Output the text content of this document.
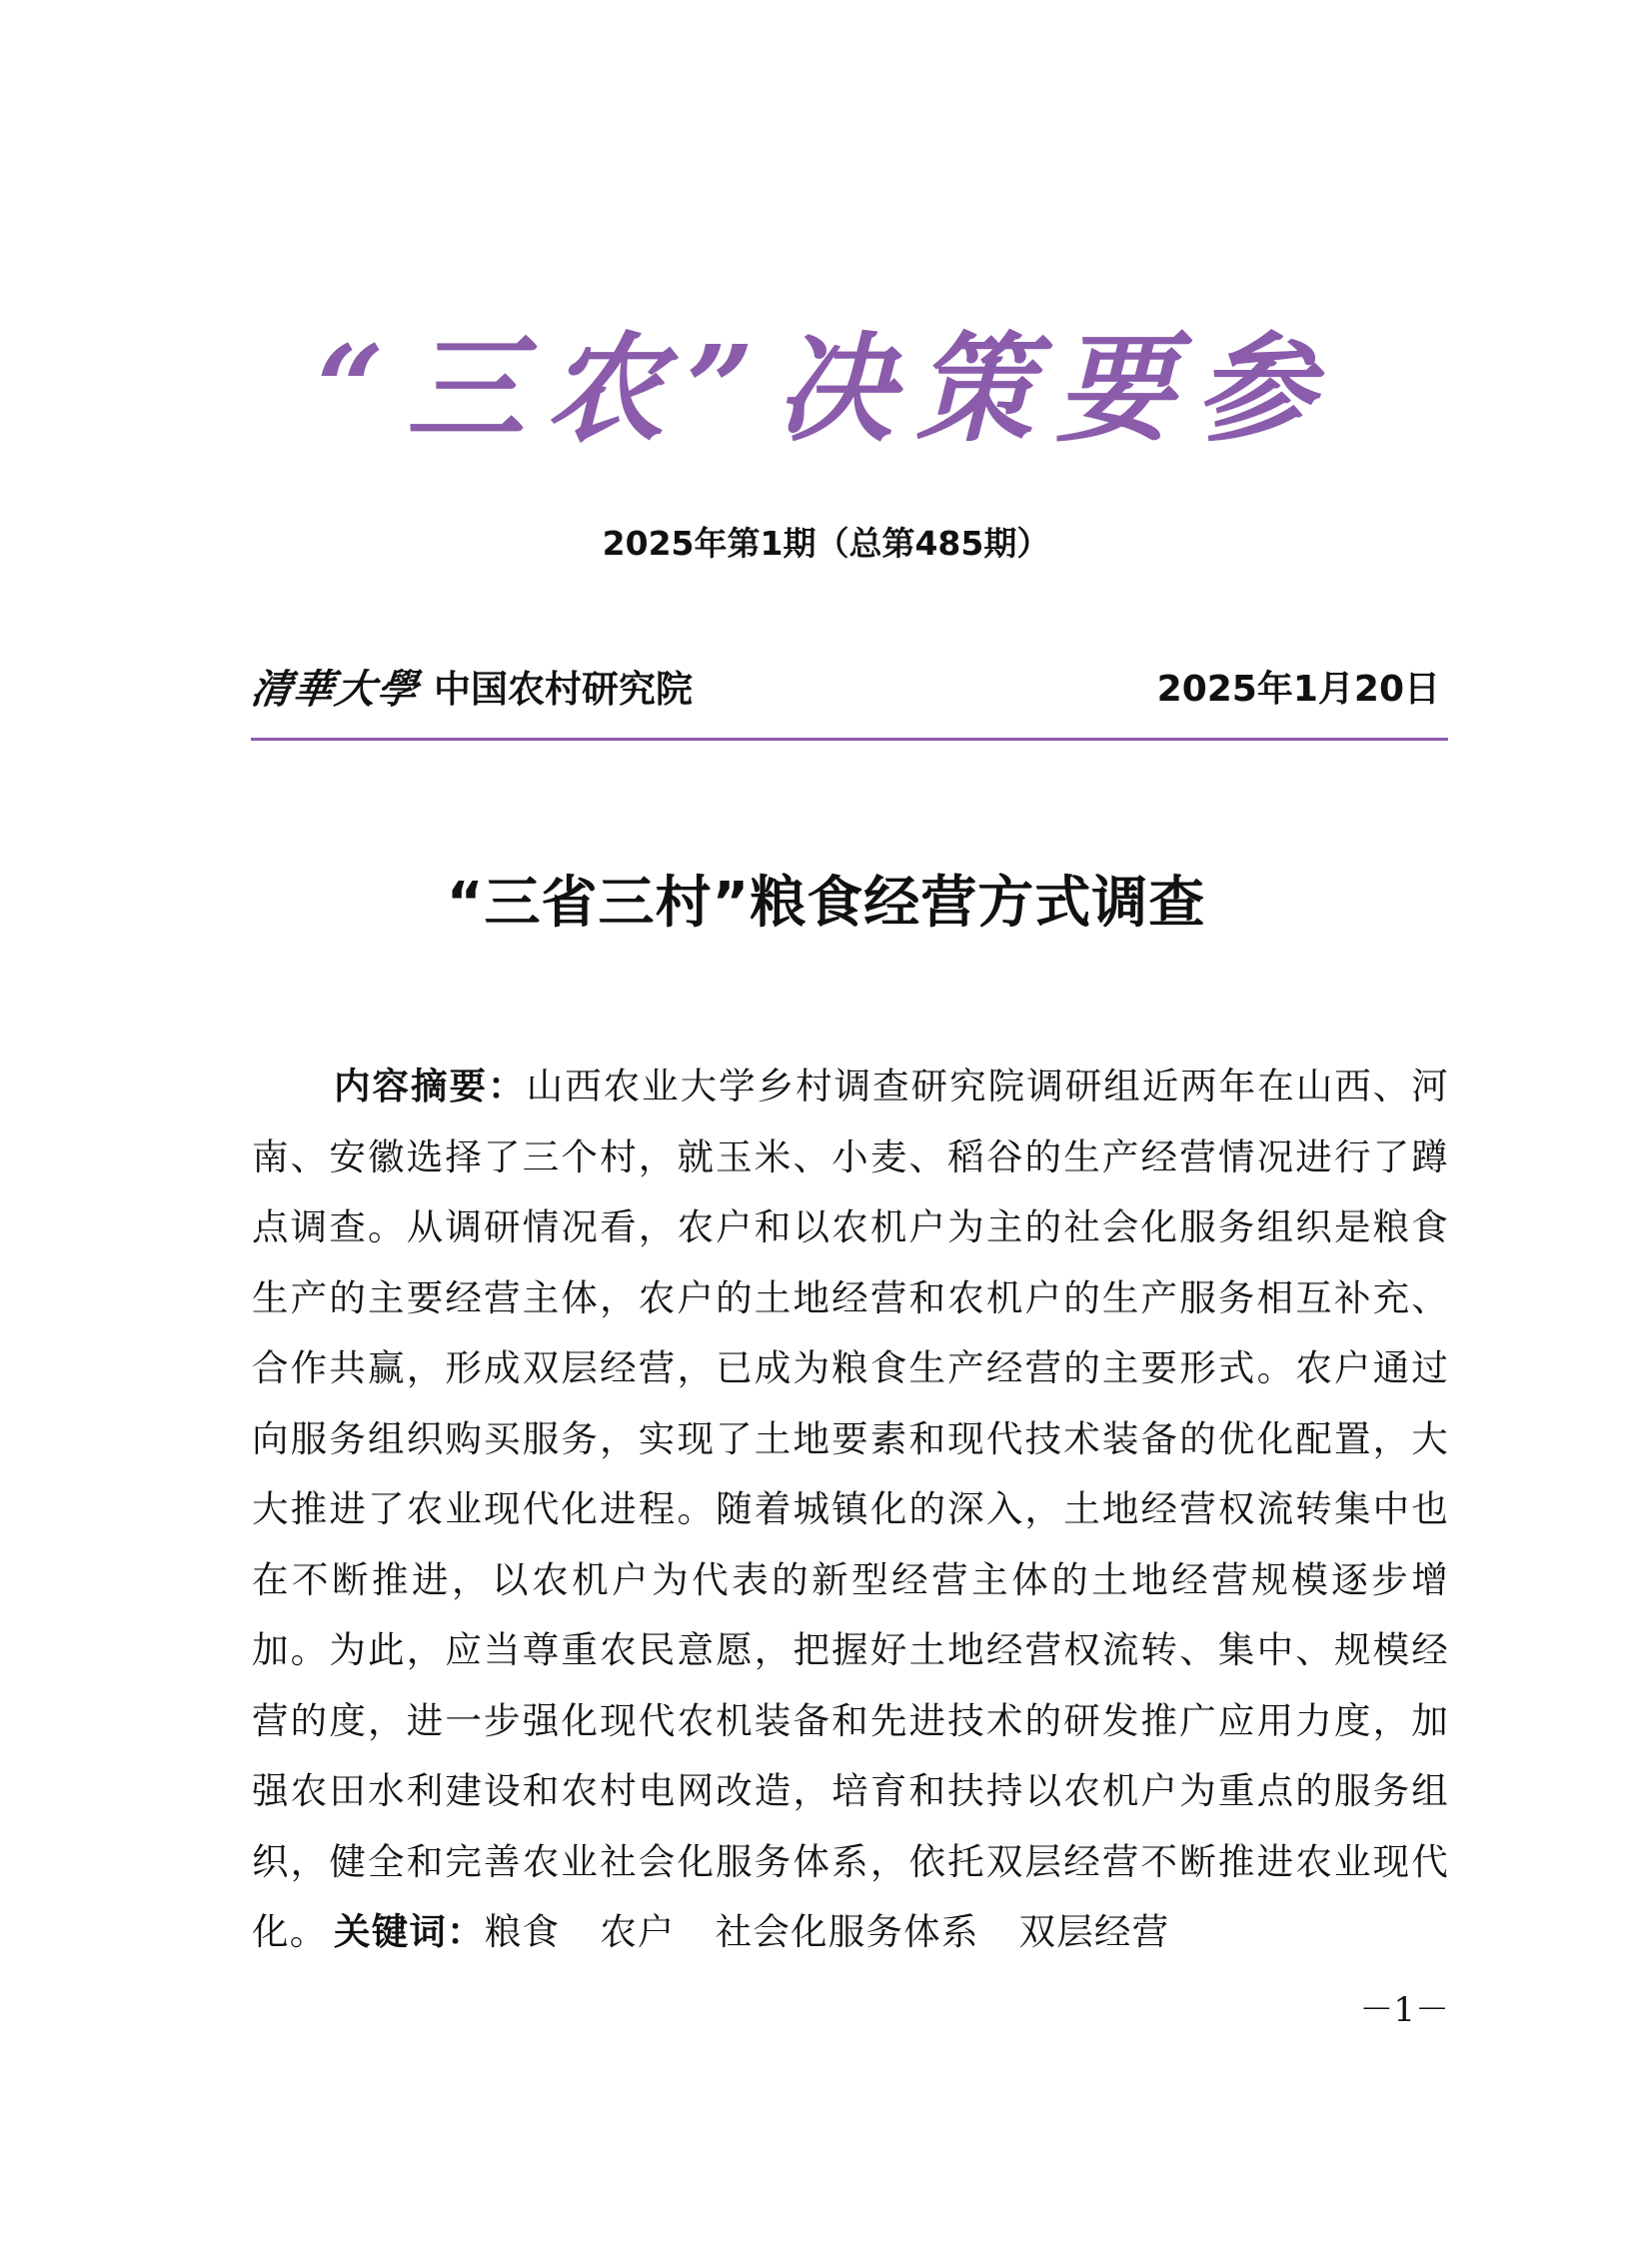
“三农”决策要参
2025年第1期（总第485期）
清華大學 中国农村研究院	2025年1月20日
“三省三村”粮食经营方式调查
内容摘要：山西农业大学乡村调查研究院调研组近两年在山西、河南、安徽选择了三个村，就玉米、小麦、稻谷的生产经营情况进行了蹲点调查。从调研情况看，农户和以农机户为主的社会化服务组织是粮食生产的主要经营主体，农户的土地经营和农机户的生产服务相互补充、合作共赢，形成双层经营，已成为粮食生产经营的主要形式。农户通过向服务组织购买服务，实现了土地要素和现代技术装备的优化配置，大大推进了农业现代化进程。随着城镇化的深入，土地经营权流转集中也在不断推进，以农机户为代表的新型经营主体的土地经营规模逐步增加。为此，应当尊重农民意愿，把握好土地经营权流转、集中、规模经营的度，进一步强化现代农机装备和先进技术的研发推广应用力度，加强农田水利建设和农村电网改造，培育和扶持以农机户为重点的服务组织，健全和完善农业社会化服务体系，依托双层经营不断推进农业现代化。 关键词：粮食 农户 社会化服务体系 双层经营
－1－
